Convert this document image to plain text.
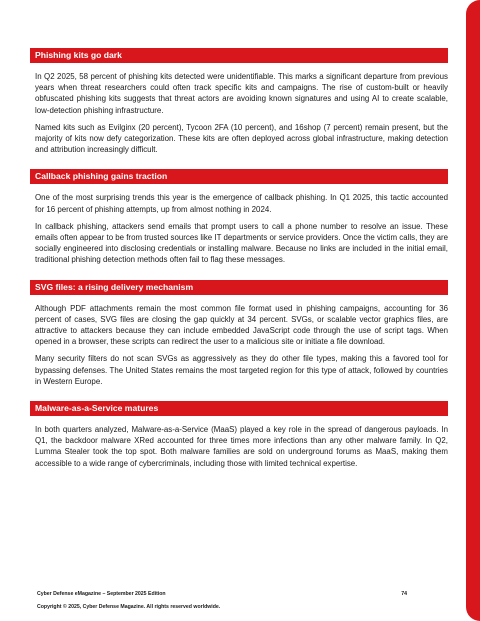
Phishing kits go dark

In Q2 2025, 58 percent of phishing kits detected were unidentifiable. This marks a significant departure from previous years when threat researchers could often track specific kits and campaigns. The rise of custom-built or heavily obfuscated phishing kits suggests that threat actors are avoiding known signatures and using AI to create scalable, low-detection phishing infrastructure.

Named kits such as Evilginx (20 percent), Tycoon 2FA (10 percent), and 16shop (7 percent) remain present, but the majority of kits now defy categorization. These kits are often deployed across global infrastructure, making detection and attribution increasingly difficult.

Callback phishing gains traction

One of the most surprising trends this year is the emergence of callback phishing. In Q1 2025, this tactic accounted for 16 percent of phishing attempts, up from almost nothing in 2024.

In callback phishing, attackers send emails that prompt users to call a phone number to resolve an issue. These emails often appear to be from trusted sources like IT departments or service providers. Once the victim calls, they are socially engineered into disclosing credentials or installing malware. Because no links are included in the initial email, traditional phishing detection methods often fail to flag these messages.

SVG files: a rising delivery mechanism

Although PDF attachments remain the most common file format used in phishing campaigns, accounting for 36 percent of cases, SVG files are closing the gap quickly at 34 percent. SVGs, or scalable vector graphics files, are attractive to attackers because they can include embedded JavaScript code through the use of script tags. When opened in a browser, these scripts can redirect the user to a malicious site or initiate a file download.

Many security filters do not scan SVGs as aggressively as they do other file types, making this a favored tool for bypassing defenses. The United States remains the most targeted region for this type of attack, followed by countries in Western Europe.

Malware-as-a-Service matures

In both quarters analyzed, Malware-as-a-Service (MaaS) played a key role in the spread of dangerous payloads. In Q1, the backdoor malware XRed accounted for three times more infections than any other malware family. In Q2, Lumma Stealer took the top spot. Both malware families are sold on underground forums as MaaS, making them accessible to a wide range of cybercriminals, including those with limited technical expertise.

Cyber Defense eMagazine – September 2025 Edition	74
Copyright © 2025, Cyber Defense Magazine. All rights reserved worldwide.
